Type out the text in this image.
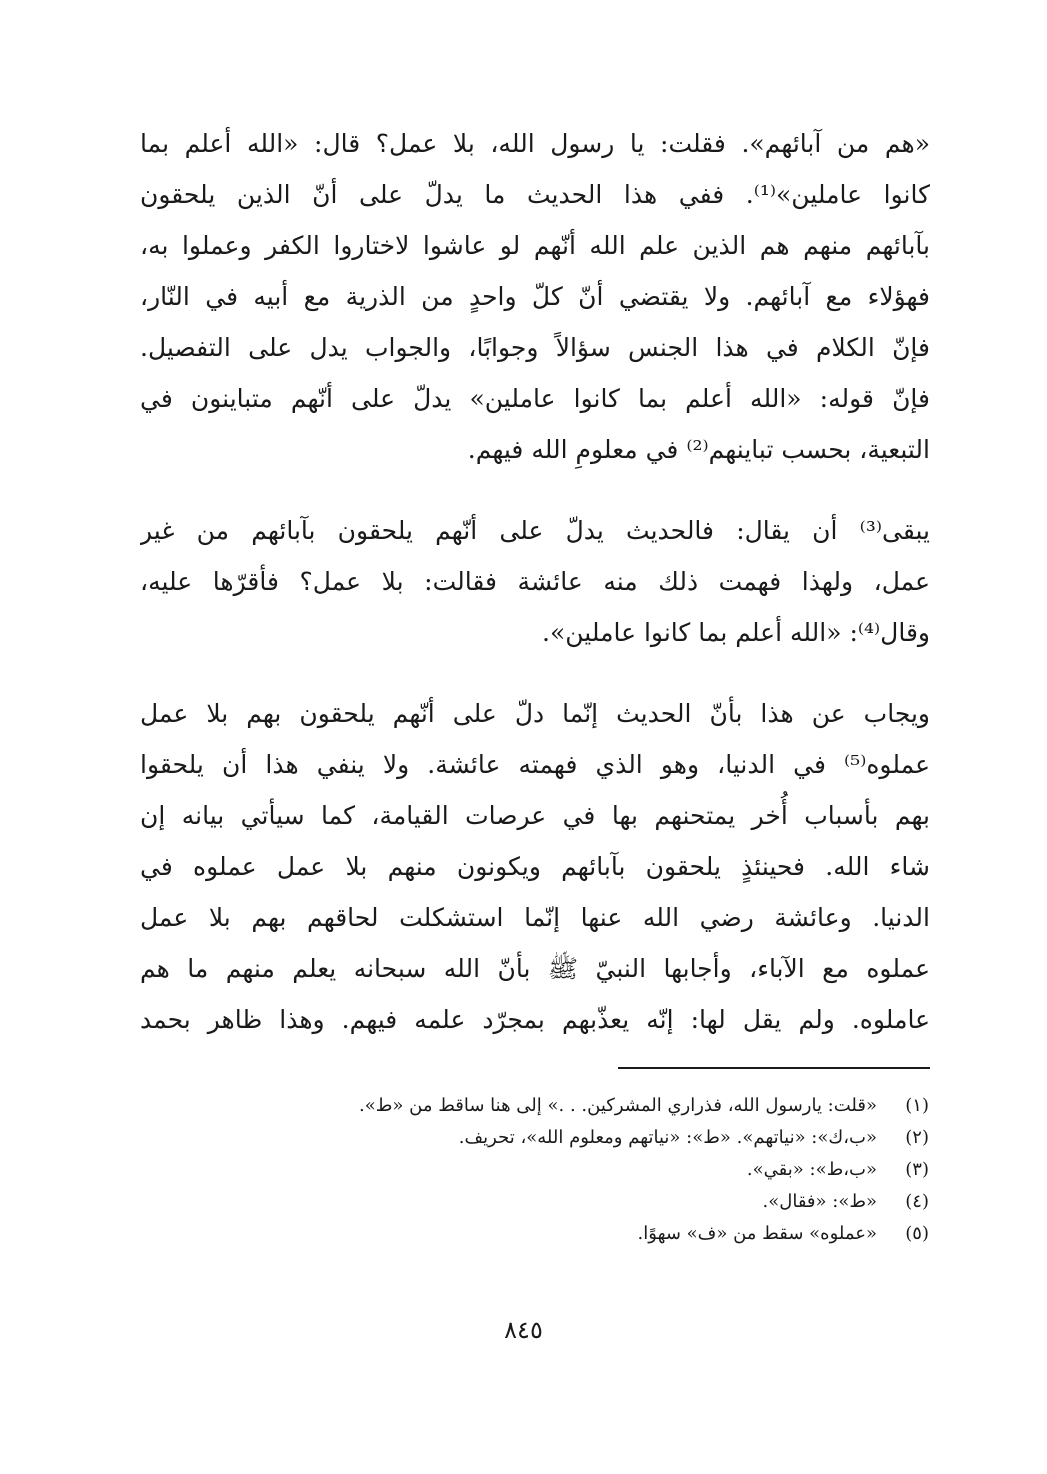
«هم من آبائهم». فقلت: يا رسول الله، بلا عمل؟ قال: «الله أعلم بما
كانوا عاملين»⁽¹⁾. ففي هذا الحديث ما يدلّ على أنّ الذين يلحقون
بآبائهم منهم هم الذين علم الله أنّهم لو عاشوا لاختاروا الكفر وعملوا به،
فهؤلاء مع آبائهم. ولا يقتضي أنّ كلّ واحدٍ من الذرية مع أبيه في النّار،
فإنّ الكلام في هذا الجنس سؤالاً وجوابًا، والجواب يدل على التفصيل.
فإنّ قوله: «الله أعلم بما كانوا عاملين» يدلّ على أنّهم متباينون في
التبعية، بحسب تباينهم⁽²⁾ في معلومِ الله فيهم.
يبقى⁽³⁾ أن يقال: فالحديث يدلّ على أنّهم يلحقون بآبائهم من غير
عمل، ولهذا فهمت ذلك منه عائشة فقالت: بلا عمل؟ فأقرّها عليه،
وقال⁽⁴⁾: «الله أعلم بما كانوا عاملين».
ويجاب عن هذا بأنّ الحديث إنّما دلّ على أنّهم يلحقون بهم بلا عمل
عملوه⁽⁵⁾ في الدنيا، وهو الذي فهمته عائشة. ولا ينفي هذا أن يلحقوا
بهم بأسباب أُخر يمتحنهم بها في عرصات القيامة، كما سيأتي بيانه إن
شاء الله. فحينئذٍ يلحقون بآبائهم ويكونون منهم بلا عمل عملوه في
الدنيا. وعائشة رضي الله عنها إنّما استشكلت لحاقهم بهم بلا عمل
عملوه مع الآباء، وأجابها النبيّ ﷺ بأنّ الله سبحانه يعلم منهم ما هم
عاملوه. ولم يقل لها: إنّه يعذّبهم بمجرّد علمه فيهم. وهذا ظاهر بحمد
(١)
«قلت: يارسول الله، فذراري المشركين. . .» إلى هنا ساقط من «ط».
(٢)
«ب،ك»: «نياتهم». «ط»: «نياتهم ومعلوم الله»، تحريف.
(٣)
«ب،ط»: «بقي».
(٤)
«ط»: «فقال».
(٥)
«عملوه» سقط من «ف» سهوًا.
٨٤٥
